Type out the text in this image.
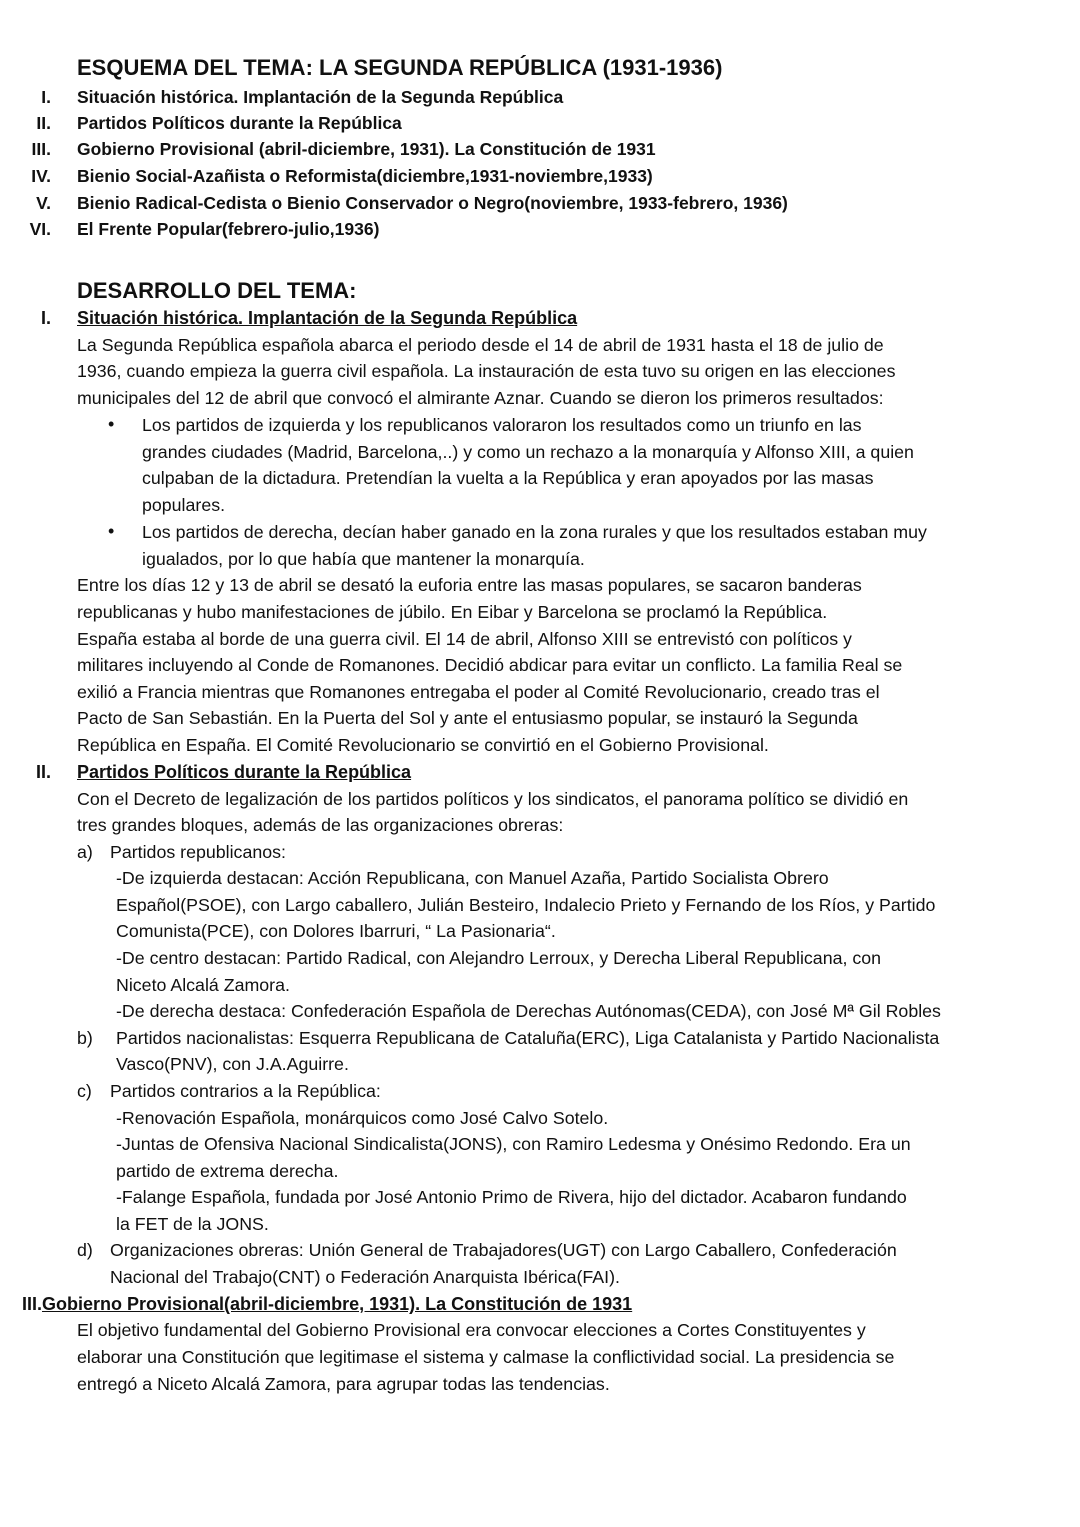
ESQUEMA DEL TEMA: LA SEGUNDA REPÚBLICA (1931-1936)
I. Situación histórica. Implantación de la Segunda República
II. Partidos Políticos durante la República
III. Gobierno Provisional (abril-diciembre, 1931). La Constitución de 1931
IV. Bienio Social-Azañista o Reformista(diciembre,1931-noviembre,1933)
V. Bienio Radical-Cedista o Bienio Conservador o Negro(noviembre, 1933-febrero, 1936)
VI. El Frente Popular(febrero-julio,1936)
DESARROLLO DEL TEMA:
I. Situación histórica. Implantación de la Segunda República
La Segunda República española abarca el periodo desde el 14 de abril de 1931 hasta el 18 de julio de
1936, cuando empieza la guerra civil española. La instauración de esta tuvo su origen en las elecciones
municipales del 12 de abril que convocó el almirante Aznar. Cuando se dieron los primeros resultados:
• Los partidos de izquierda y los republicanos valoraron los resultados como un triunfo en las
grandes ciudades (Madrid, Barcelona,..) y como un rechazo a la monarquía y Alfonso XIII, a quien
culpaban de la dictadura. Pretendían la vuelta a la República y eran apoyados por las masas
populares.
• Los partidos de derecha, decían haber ganado en la zona rurales y que los resultados estaban muy
igualados, por lo que había que mantener la monarquía.
Entre los días 12 y 13 de abril se desató la euforia entre las masas populares, se sacaron banderas
republicanas y hubo manifestaciones de júbilo. En Eibar y Barcelona se proclamó la República.
España estaba al borde de una guerra civil. El 14 de abril, Alfonso XIII se entrevistó con políticos y
militares incluyendo al Conde de Romanones. Decidió abdicar para evitar un conflicto. La familia Real se
exilió a Francia mientras que Romanones entregaba el poder al Comité Revolucionario, creado tras el
Pacto de San Sebastián. En la Puerta del Sol y ante el entusiasmo popular, se instauró la Segunda
República en España. El Comité Revolucionario se convirtió en el Gobierno Provisional.
II. Partidos Políticos durante la República
Con el Decreto de legalización de los partidos políticos y los sindicatos, el panorama político se dividió en
tres grandes bloques, además de las organizaciones obreras:
a) Partidos republicanos:
-De izquierda destacan: Acción Republicana, con Manuel Azaña, Partido Socialista Obrero
Español(PSOE), con Largo caballero, Julián Besteiro, Indalecio Prieto y Fernando de los Ríos, y Partido
Comunista(PCE), con Dolores Ibarruri, “ La Pasionaria“.
-De centro destacan: Partido Radical, con Alejandro Lerroux, y Derecha Liberal Republicana, con
Niceto Alcalá Zamora.
-De derecha destaca: Confederación Española de Derechas Autónomas(CEDA), con José Mª Gil Robles
b) Partidos nacionalistas: Esquerra Republicana de Cataluña(ERC), Liga Catalanista y Partido Nacionalista
Vasco(PNV), con J.A.Aguirre.
c) Partidos contrarios a la República:
-Renovación Española, monárquicos como José Calvo Sotelo.
-Juntas de Ofensiva Nacional Sindicalista(JONS), con Ramiro Ledesma y Onésimo Redondo. Era un
partido de extrema derecha.
-Falange Española, fundada por José Antonio Primo de Rivera, hijo del dictador. Acabaron fundando
la FET de la JONS.
d) Organizaciones obreras: Unión General de Trabajadores(UGT) con Largo Caballero, Confederación
Nacional del Trabajo(CNT) o Federación Anarquista Ibérica(FAI).
III.Gobierno Provisional(abril-diciembre, 1931). La Constitución de 1931
El objetivo fundamental del Gobierno Provisional era convocar elecciones a Cortes Constituyentes y
elaborar una Constitución que legitimase el sistema y calmase la conflictividad social. La presidencia se
entregó a Niceto Alcalá Zamora, para agrupar todas las tendencias.
